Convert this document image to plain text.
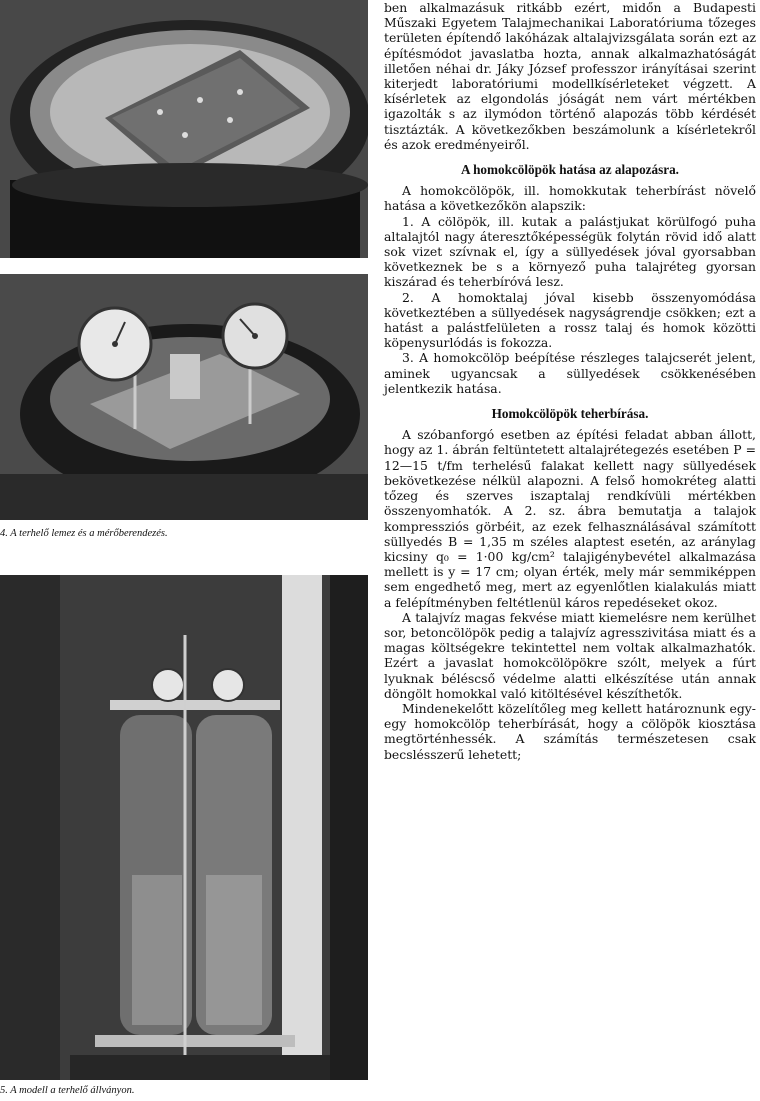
4. A terhelő lemez és a mérőberendezés.
5. A modell a terhelő állványon.

ben alkalmazásuk ritkább ezért, midőn a Budapesti Műszaki Egyetem Talajmechanikai Laboratóriuma tőzeges területen építendő lakóházak altalajvizsgálata során ezt az építésmódot javaslatba hozta, annak alkalmazhatóságát illetően néhai dr. Jáky József professzor irányításai szerint kiterjedt laboratóriumi modellkísérleteket végzett. A kísérletek az elgondolás jóságát nem várt mértékben igazolták s az ilymódon történő alapozás több kérdését tisztázták. A következőkben beszámolunk a kísérletekről és azok eredményeiről.

A homokcölöpök hatása az alapozásra.

A homokcölöpök, ill. homokkutak teherbírást növelő hatása a következőkön alapszik:

1. A cölöpök, ill. kutak a palástjukat körülfogó puha altalajtól nagy áteresztőképességük folytán rövid idő alatt sok vizet szívnak el, így a süllyedések jóval gyorsabban következnek be s a környező puha talajréteg gyorsan kiszárad és teherbíróvá lesz.

2. A homoktalaj jóval kisebb összenyomódása következtében a süllyedések nagyságrendje csökken; ezt a hatást a palástfelületen a rossz talaj és homok közötti köpenysurlódás is fokozza.

3. A homokcölöp beépítése részleges talajcserét jelent, aminek ugyancsak a süllyedések csökkenésében jelentkezik hatása.

Homokcölöpök teherbírása.

A szóbanforgó esetben az építési feladat abban állott, hogy az 1. ábrán feltüntetett altalajrétegezés esetében P = 12—15 t/fm terhelésű falakat kellett nagy süllyedések bekövetkezése nélkül alapozni. A felső homokréteg alatti tőzeg és szerves iszaptalaj rendkívüli mértékben összenyomhatók. A 2. sz. ábra bemutatja a talajok kompressziós görbéit, az ezek felhasználásával számított süllyedés B = 1,35 m széles alaptest esetén, az aránylag kicsiny q₀ = 1·00 kg/cm² talajigénybevétel alkalmazása mellett is y = 17 cm; olyan érték, mely már semmiképpen sem engedhető meg, mert az egyenlőtlen kialakulás miatt a felépítményben feltétlenül káros repedéseket okoz.

A talajvíz magas fekvése miatt kiemelésre nem kerülhet sor, betoncölöpök pedig a talajvíz agresszivitása miatt és a magas költségekre tekintettel nem voltak alkalmazhatók. Ezért a javaslat homokcölöpökre szólt, melyek a fúrt lyuknak béléscső védelme alatti elkészítése után annak döngölt homokkal való kitöltésével készíthetők.

Mindenekelőtt közelítőleg meg kellett határoznunk egy-egy homokcölöp teherbírását, hogy a cölöpök kiosztása megtörténhessék. A számítás természetesen csak becslésszerű lehetett;
